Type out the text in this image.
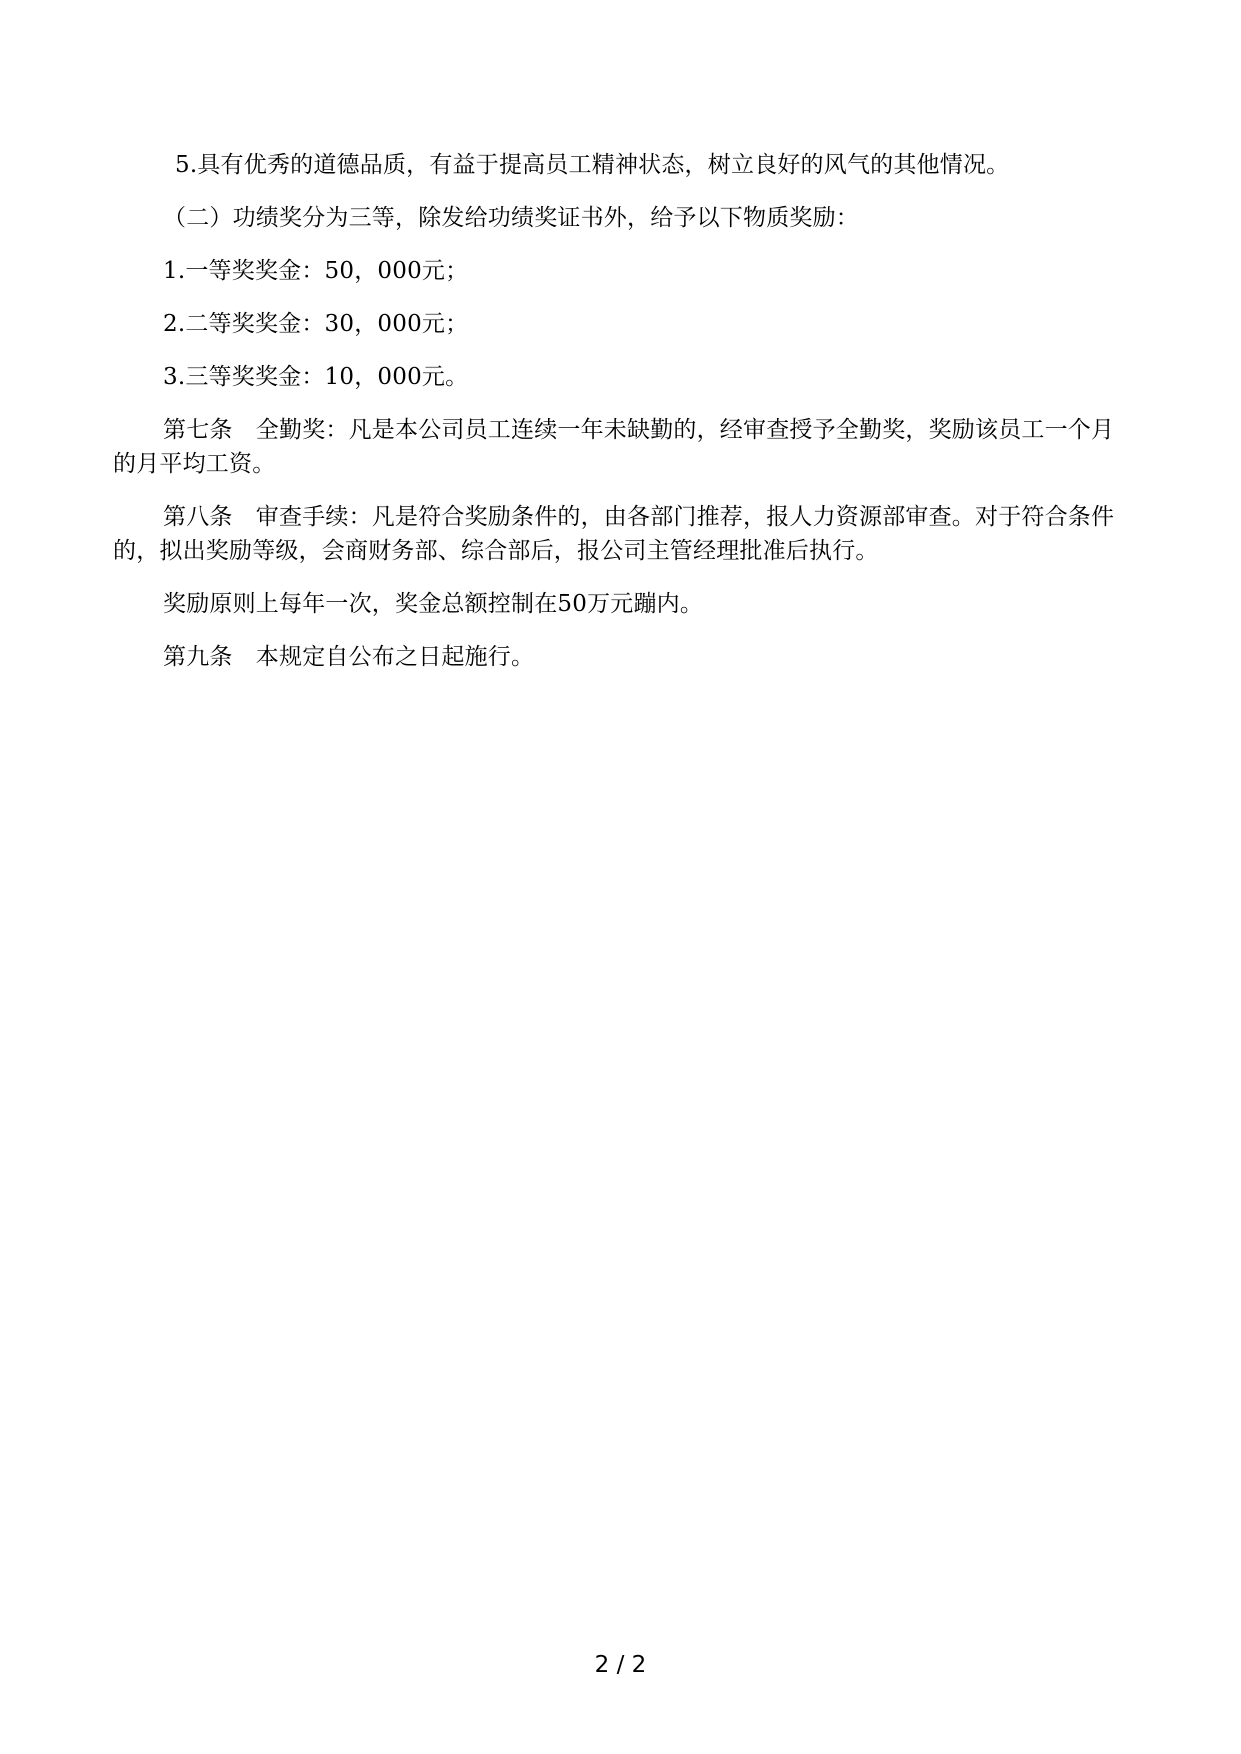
5.具有优秀的道德品质，有益于提高员工精神状态，树立良好的风气的其他情况。

（二）功绩奖分为三等，除发给功绩奖证书外，给予以下物质奖励：

1.一等奖奖金：50，000元；

2.二等奖奖金：30，000元；

3.三等奖奖金：10，000元。

第七条　全勤奖：凡是本公司员工连续一年未缺勤的，经审查授予全勤奖，奖励该员工一个月的月平均工资。

第八条　审查手续：凡是符合奖励条件的，由各部门推荐，报人力资源部审查。对于符合条件的，拟出奖励等级，会商财务部、综合部后，报公司主管经理批准后执行。

奖励原则上每年一次，奖金总额控制在50万元蹦内。

第九条　本规定自公布之日起施行。

2 / 2
